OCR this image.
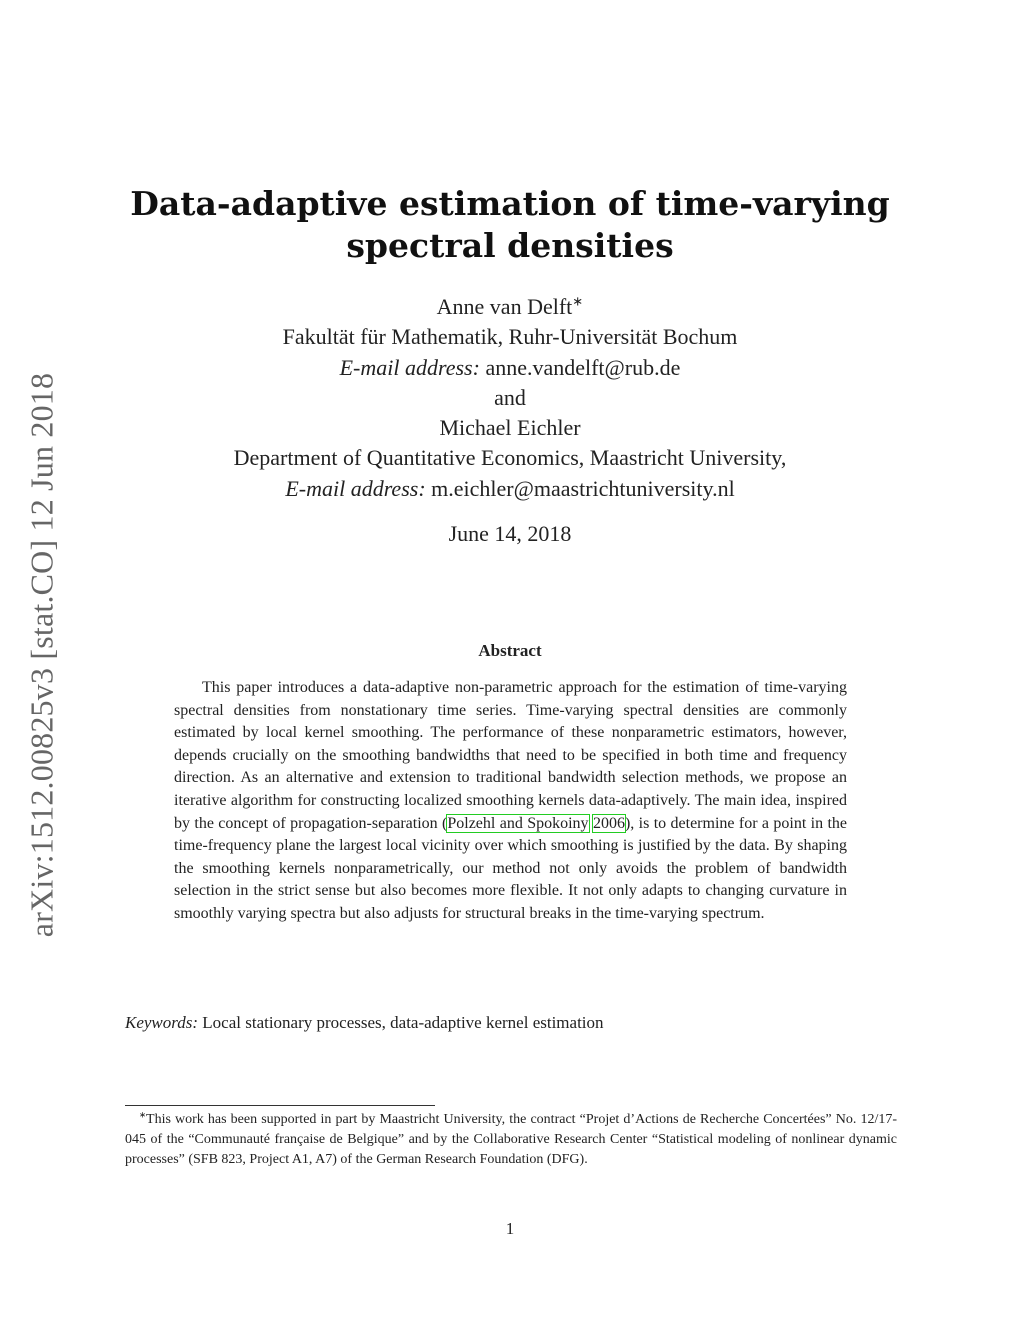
arXiv:1512.00825v3 [stat.CO] 12 Jun 2018
Data-adaptive estimation of time-varying
spectral densities
Anne van Delft∗
Fakultät für Mathematik, Ruhr-Universität Bochum
E-mail address: anne.vandelft@rub.de
and
Michael Eichler
Department of Quantitative Economics, Maastricht University,
E-mail address: m.eichler@maastrichtuniversity.nl
June 14, 2018
Abstract

This paper introduces a data-adaptive non-parametric approach for the estimation of time-varying spectral densities from nonstationary time series. Time-varying spectral densities are commonly estimated by local kernel smoothing. The performance of these nonparametric estimators, however, depends crucially on the smoothing bandwidths that need to be specified in both time and frequency direction. As an alternative and extension to traditional bandwidth selection methods, we propose an iterative algorithm for constructing localized smoothing kernels data-adaptively. The main idea, inspired by the concept of propagation-separation (Polzehl and Spokoiny 2006), is to determine for a point in the time-frequency plane the largest local vicinity over which smoothing is justified by the data. By shaping the smoothing kernels nonparametrically, our method not only avoids the problem of bandwidth selection in the strict sense but also becomes more flexible. It not only adapts to changing curvature in smoothly varying spectra but also adjusts for structural breaks in the time-varying spectrum.

Keywords: Local stationary processes, data-adaptive kernel estimation

∗This work has been supported in part by Maastricht University, the contract “Projet d’Actions de Recherche Concertées” No. 12/17-045 of the “Communauté française de Belgique” and by the Collaborative Research Center “Statistical modeling of nonlinear dynamic processes” (SFB 823, Project A1, A7) of the German Research Foundation (DFG).

1
